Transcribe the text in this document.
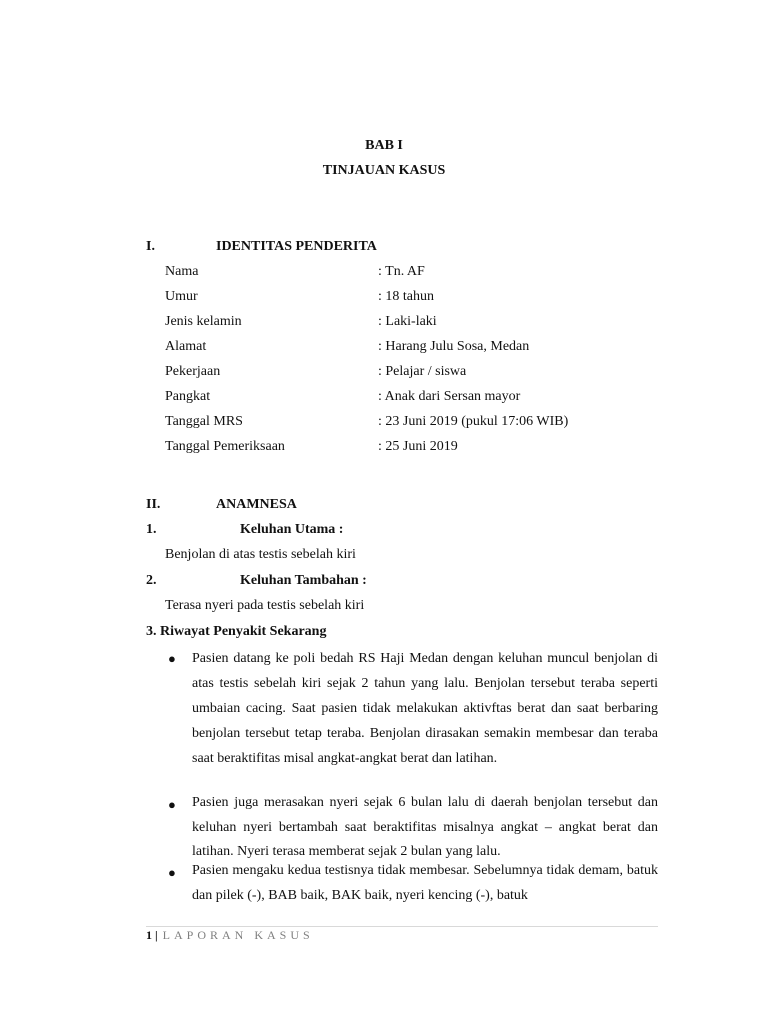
BAB I
TINJAUAN KASUS
I.	IDENTITAS PENDERITA
Nama	: Tn. AF
Umur	: 18 tahun
Jenis kelamin	: Laki-laki
Alamat	: Harang Julu Sosa, Medan
Pekerjaan	: Pelajar / siswa
Pangkat	: Anak dari Sersan mayor
Tanggal MRS	: 23 Juni 2019 (pukul 17:06 WIB)
Tanggal Pemeriksaan	: 25 Juni 2019
II.	ANAMNESA
1.	Keluhan Utama :
Benjolan di atas testis sebelah kiri
2.	Keluhan Tambahan :
Terasa nyeri pada testis sebelah kiri
3. Riwayat Penyakit Sekarang
● Pasien datang ke poli bedah RS Haji Medan dengan keluhan muncul benjolan di atas testis sebelah kiri sejak 2 tahun yang lalu. Benjolan tersebut teraba seperti umbaian cacing. Saat pasien tidak melakukan aktivftas berat dan saat berbaring benjolan tersebut tetap teraba. Benjolan dirasakan semakin membesar dan teraba saat beraktifitas misal angkat-angkat berat dan latihan.
● Pasien juga merasakan nyeri sejak 6 bulan lalu di daerah benjolan tersebut dan keluhan nyeri bertambah saat beraktifitas misalnya angkat – angkat berat dan latihan. Nyeri terasa memberat sejak 2 bulan yang lalu.
● Pasien mengaku kedua testisnya tidak membesar. Sebelumnya tidak demam, batuk dan pilek (-), BAB baik, BAK baik, nyeri kencing (-), batuk
1 | LAPORAN KASUS
